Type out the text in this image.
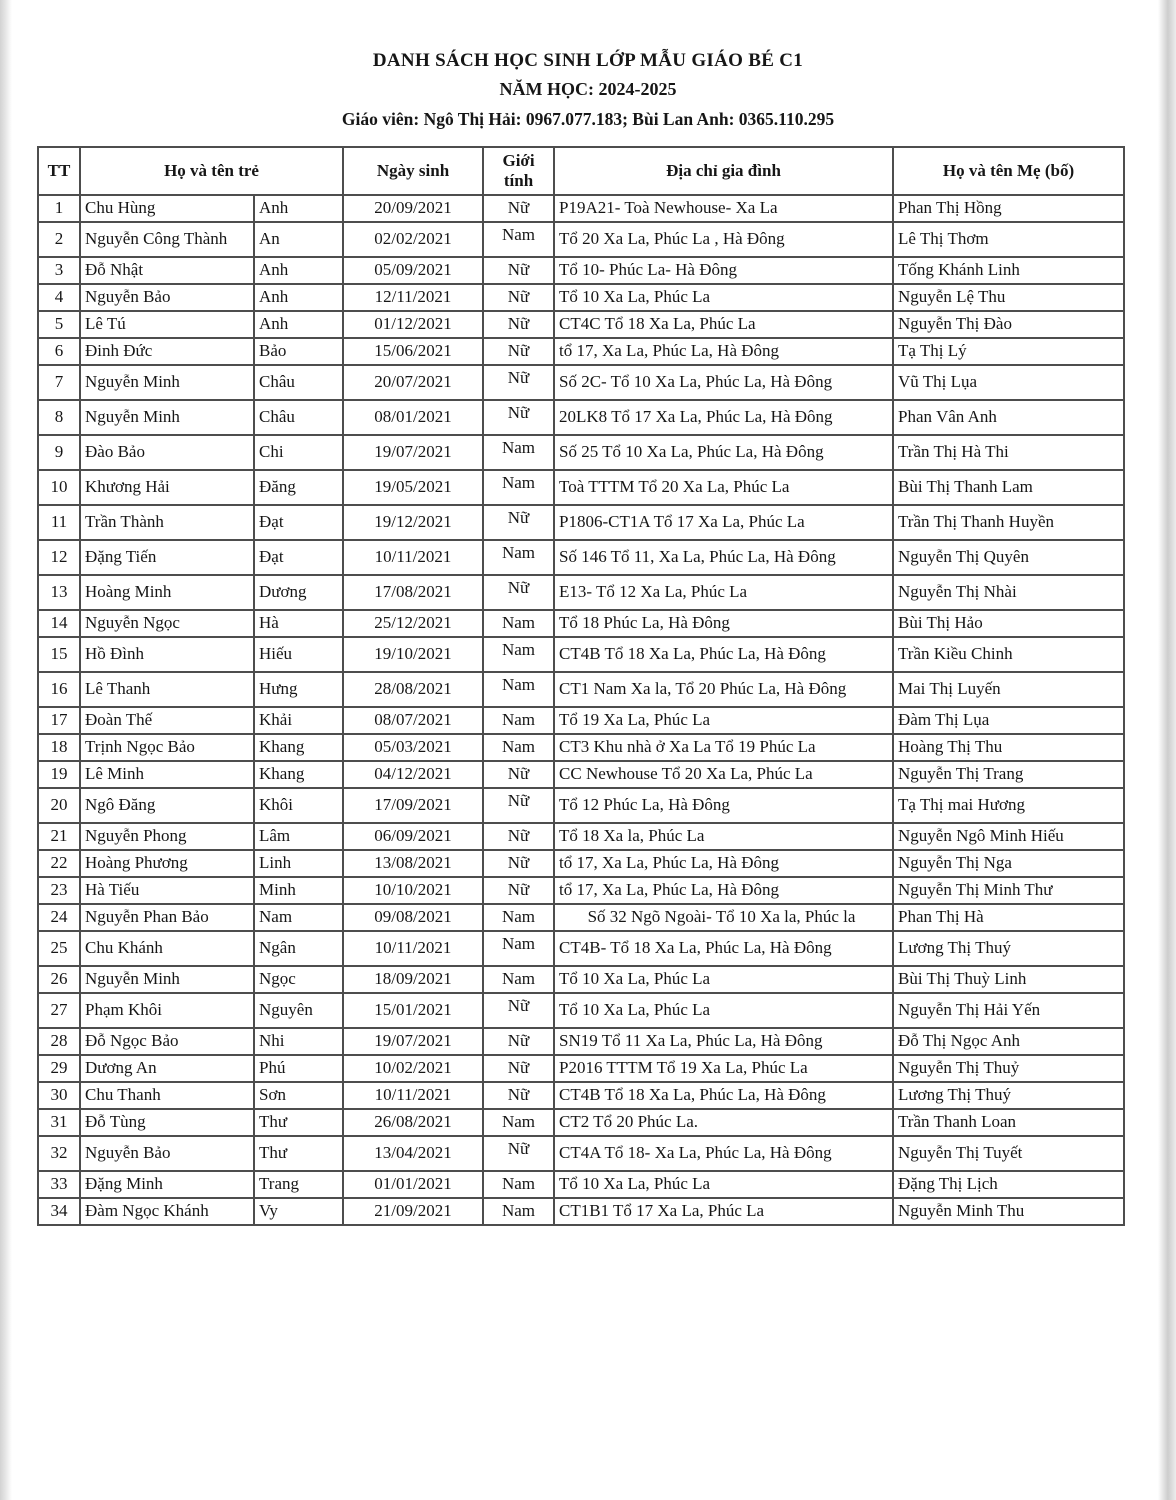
DANH SÁCH HỌC SINH LỚP MẪU GIÁO BÉ C1
NĂM HỌC: 2024-2025
Giáo viên: Ngô Thị Hải: 0967.077.183; Bùi Lan Anh: 0365.110.295
TT	Họ và tên trẻ		Ngày sinh	Giới tính	Địa chỉ gia đình	Họ và tên Mẹ (bố)
1	Chu Hùng	Anh	20/09/2021	Nữ	P19A21- Toà Newhouse- Xa La	Phan Thị Hồng
2	Nguyễn Công Thành	An	02/02/2021	Nam	Tổ 20 Xa La, Phúc La , Hà Đông	Lê Thị Thơm
3	Đỗ Nhật	Anh	05/09/2021	Nữ	Tổ 10- Phúc La- Hà Đông	Tống Khánh Linh
4	Nguyễn Bảo	Anh	12/11/2021	Nữ	Tổ 10 Xa La, Phúc La	Nguyễn Lệ Thu
5	Lê Tú	Anh	01/12/2021	Nữ	CT4C Tổ 18 Xa La, Phúc La	Nguyễn Thị Đào
6	Đinh Đức	Bảo	15/06/2021	Nữ	tổ 17, Xa La, Phúc La, Hà Đông	Tạ Thị Lý
7	Nguyễn Minh	Châu	20/07/2021	Nữ	Số 2C- Tổ 10 Xa La, Phúc La, Hà Đông	Vũ Thị Lụa
8	Nguyễn Minh	Châu	08/01/2021	Nữ	20LK8 Tổ 17 Xa La, Phúc La, Hà Đông	Phan Vân Anh
9	Đào Bảo	Chi	19/07/2021	Nam	Số 25 Tổ 10 Xa La, Phúc La, Hà Đông	Trần Thị Hà Thi
10	Khương Hải	Đăng	19/05/2021	Nam	Toà TTTM Tổ 20 Xa La, Phúc La	Bùi Thị Thanh Lam
11	Trần Thành	Đạt	19/12/2021	Nữ	P1806-CT1A Tổ 17 Xa La, Phúc La	Trần Thị Thanh Huyền
12	Đặng Tiến	Đạt	10/11/2021	Nam	Số 146 Tổ 11, Xa La, Phúc La, Hà Đông	Nguyễn Thị Quyên
13	Hoàng Minh	Dương	17/08/2021	Nữ	E13- Tổ 12 Xa La, Phúc La	Nguyễn Thị Nhài
14	Nguyễn Ngọc	Hà	25/12/2021	Nam	Tổ 18 Phúc La, Hà Đông	Bùi Thị Hảo
15	Hồ Đình	Hiếu	19/10/2021	Nam	CT4B Tổ 18 Xa La, Phúc La, Hà Đông	Trần Kiều Chinh
16	Lê Thanh	Hưng	28/08/2021	Nam	CT1 Nam Xa la, Tổ 20 Phúc La, Hà Đông	Mai Thị Luyến
17	Đoàn Thế	Khải	08/07/2021	Nam	Tổ 19 Xa La, Phúc La	Đàm Thị Lụa
18	Trịnh Ngọc Bảo	Khang	05/03/2021	Nam	CT3 Khu nhà ở Xa La Tổ 19 Phúc La	Hoàng Thị Thu
19	Lê Minh	Khang	04/12/2021	Nữ	CC Newhouse Tổ 20 Xa La, Phúc La	Nguyễn Thị Trang
20	Ngô Đăng	Khôi	17/09/2021	Nữ	Tổ 12 Phúc La, Hà Đông	Tạ Thị mai Hương
21	Nguyễn Phong	Lâm	06/09/2021	Nữ	Tổ 18 Xa la, Phúc La	Nguyễn Ngô Minh Hiếu
22	Hoàng Phương	Linh	13/08/2021	Nữ	tổ 17, Xa La, Phúc La, Hà Đông	Nguyễn Thị Nga
23	Hà Tiếu	Minh	10/10/2021	Nữ	tổ 17, Xa La, Phúc La, Hà Đông	Nguyễn Thị Minh Thư
24	Nguyễn Phan Bảo	Nam	09/08/2021	Nam	Số 32 Ngõ Ngoài- Tổ 10 Xa la, Phúc la	Phan Thị Hà
25	Chu Khánh	Ngân	10/11/2021	Nam	CT4B- Tổ 18 Xa La, Phúc La, Hà Đông	Lương Thị Thuý
26	Nguyễn Minh	Ngọc	18/09/2021	Nam	Tổ 10 Xa La, Phúc La	Bùi Thị Thuỳ Linh
27	Phạm Khôi	Nguyên	15/01/2021	Nữ	Tổ 10 Xa La, Phúc La	Nguyễn Thị Hải Yến
28	Đỗ Ngọc Bảo	Nhi	19/07/2021	Nữ	SN19 Tổ 11 Xa La, Phúc La, Hà Đông	Đỗ Thị Ngọc Anh
29	Dương An	Phú	10/02/2021	Nữ	P2016 TTTM Tổ 19 Xa La, Phúc La	Nguyễn Thị Thuỷ
30	Chu Thanh	Sơn	10/11/2021	Nữ	CT4B Tổ 18 Xa La, Phúc La, Hà Đông	Lương Thị Thuý
31	Đỗ Tùng	Thư	26/08/2021	Nam	CT2 Tổ 20 Phúc La.	Trần Thanh Loan
32	Nguyễn Bảo	Thư	13/04/2021	Nữ	CT4A Tổ 18- Xa La, Phúc La, Hà Đông	Nguyễn Thị Tuyết
33	Đặng Minh	Trang	01/01/2021	Nam	Tổ 10 Xa La, Phúc La	Đặng Thị Lịch
34	Đàm Ngọc Khánh	Vy	21/09/2021	Nam	CT1B1 Tổ 17 Xa La, Phúc La	Nguyễn Minh Thu
